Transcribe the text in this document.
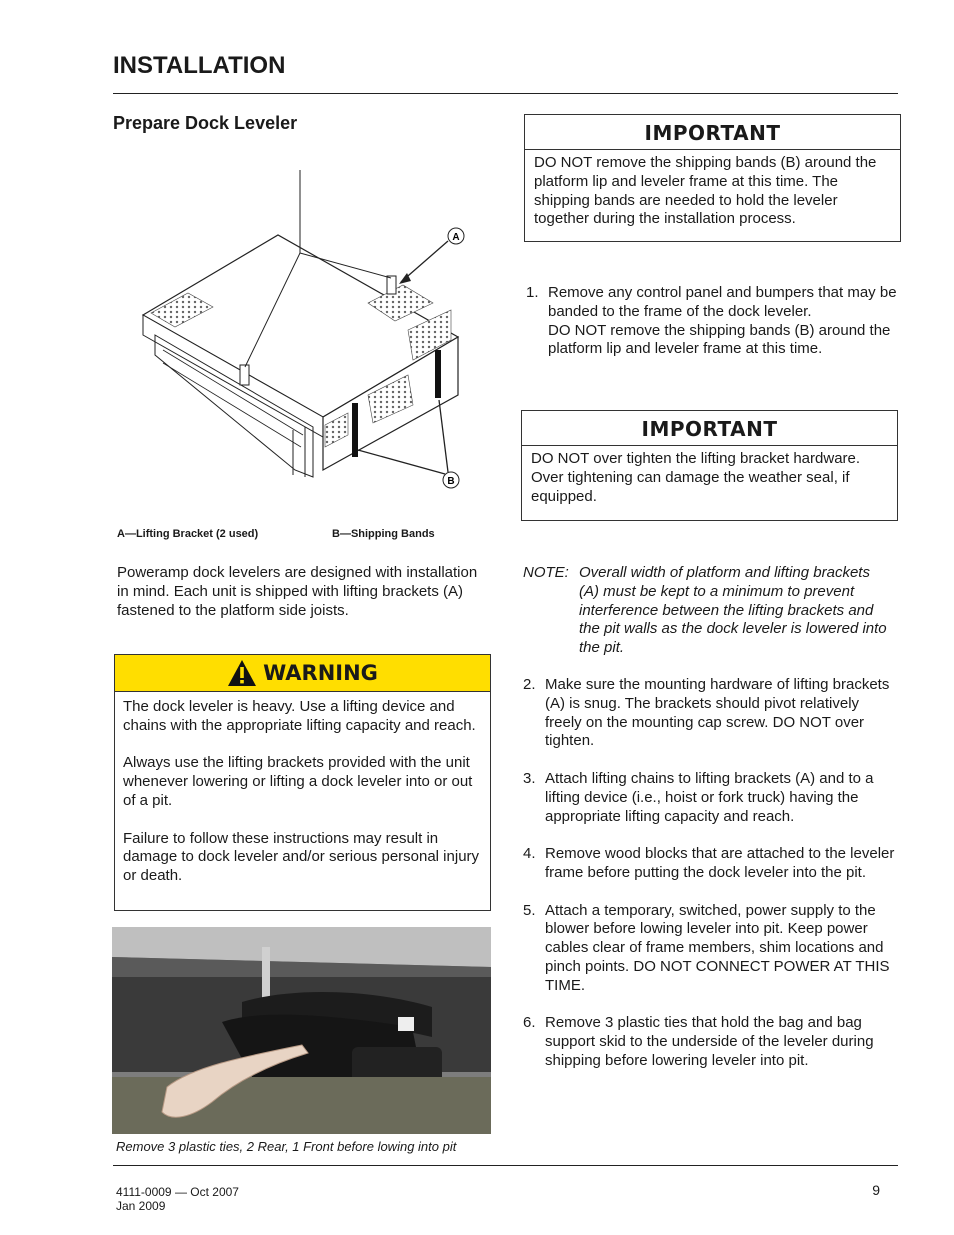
INSTALLATION
Prepare Dock Leveler
A
B
A—Lifting Bracket (2 used)	B—Shipping Bands
Poweramp dock levelers are designed with installation in mind. Each unit is shipped with lifting brackets (A) fastened to the platform side joists.
WARNING

The dock leveler is heavy. Use a lifting device and chains with the appropriate lifting capacity and reach.

Always use the lifting brackets provided with the unit whenever lowering or lifting a dock leveler into or out of a pit.

Failure to follow these instructions may result in damage to dock leveler and/or serious personal injury or death.

Remove 3 plastic ties, 2 Rear, 1 Front before lowing into pit
IMPORTANT
DO NOT remove the shipping bands (B) around the platform lip and leveler frame at this time. The shipping bands are needed to hold the leveler together during the installation process.
1. Remove any control panel and bumpers that may be banded to the frame of the dock leveler.
DO NOT remove the shipping bands (B) around the platform lip and leveler frame at this time.
IMPORTANT
DO NOT over tighten the lifting bracket hardware. Over tightening can damage the weather seal, if equipped.
NOTE: Overall width of platform and lifting brackets (A) must be kept to a minimum to prevent interference between the lifting brackets and the pit walls as the dock leveler is lowered into the pit.
2. Make sure the mounting hardware of lifting brackets (A) is snug. The brackets should pivot relatively freely on the mounting cap screw. DO NOT over tighten.
3. Attach lifting chains to lifting brackets (A) and to a lifting device (i.e., hoist or fork truck) having the appropriate lifting capacity and reach.
4. Remove wood blocks that are attached to the leveler frame before putting the dock leveler into the pit.
5. Attach a temporary, switched, power supply to the blower before lowing leveler into pit. Keep power cables clear of frame members, shim locations and pinch points. DO NOT CONNECT POWER AT THIS TIME.
6. Remove 3 plastic ties that hold the bag and bag support skid to the underside of the leveler during shipping before lowering leveler into pit.
4111-0009 — Oct 2007
Jan 2009
9
